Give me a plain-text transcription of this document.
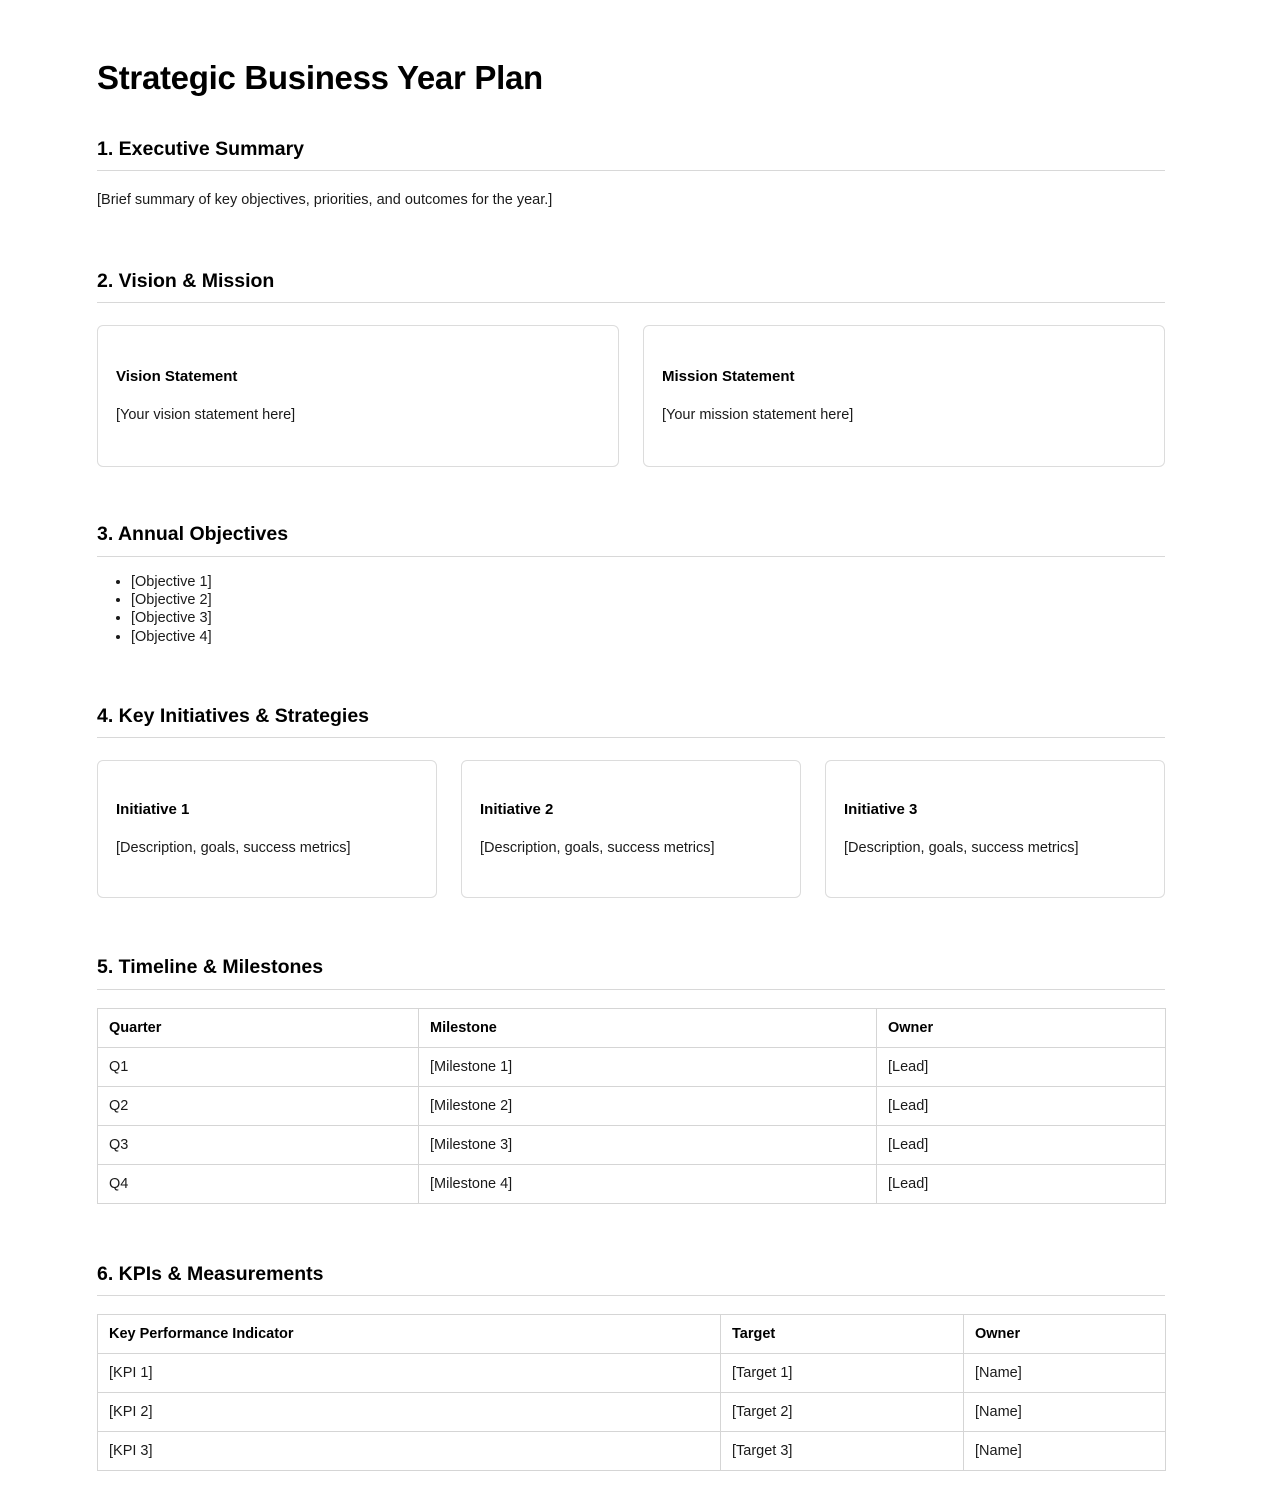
Strategic Business Year Plan
1. Executive Summary

[Brief summary of key objectives, priorities, and outcomes for the year.]

2. Vision & Mission
Vision Statement

[Your vision statement here]

Mission Statement

[Your mission statement here]

3. Annual Objectives
• [Objective 1]
• [Objective 2]
• [Objective 3]
• [Objective 4]
4. Key Initiatives & Strategies
Initiative 1

[Description, goals, success metrics]

Initiative 2

[Description, goals, success metrics]

Initiative 3

[Description, goals, success metrics]

5. Timeline & Milestones
Quarter	Milestone	Owner
Q1	[Milestone 1]	[Lead]
Q2	[Milestone 2]	[Lead]
Q3	[Milestone 3]	[Lead]
Q4	[Milestone 4]	[Lead]
6. KPIs & Measurements
Key Performance Indicator	Target	Owner
[KPI 1]	[Target 1]	[Name]
[KPI 2]	[Target 2]	[Name]
[KPI 3]	[Target 3]	[Name]
